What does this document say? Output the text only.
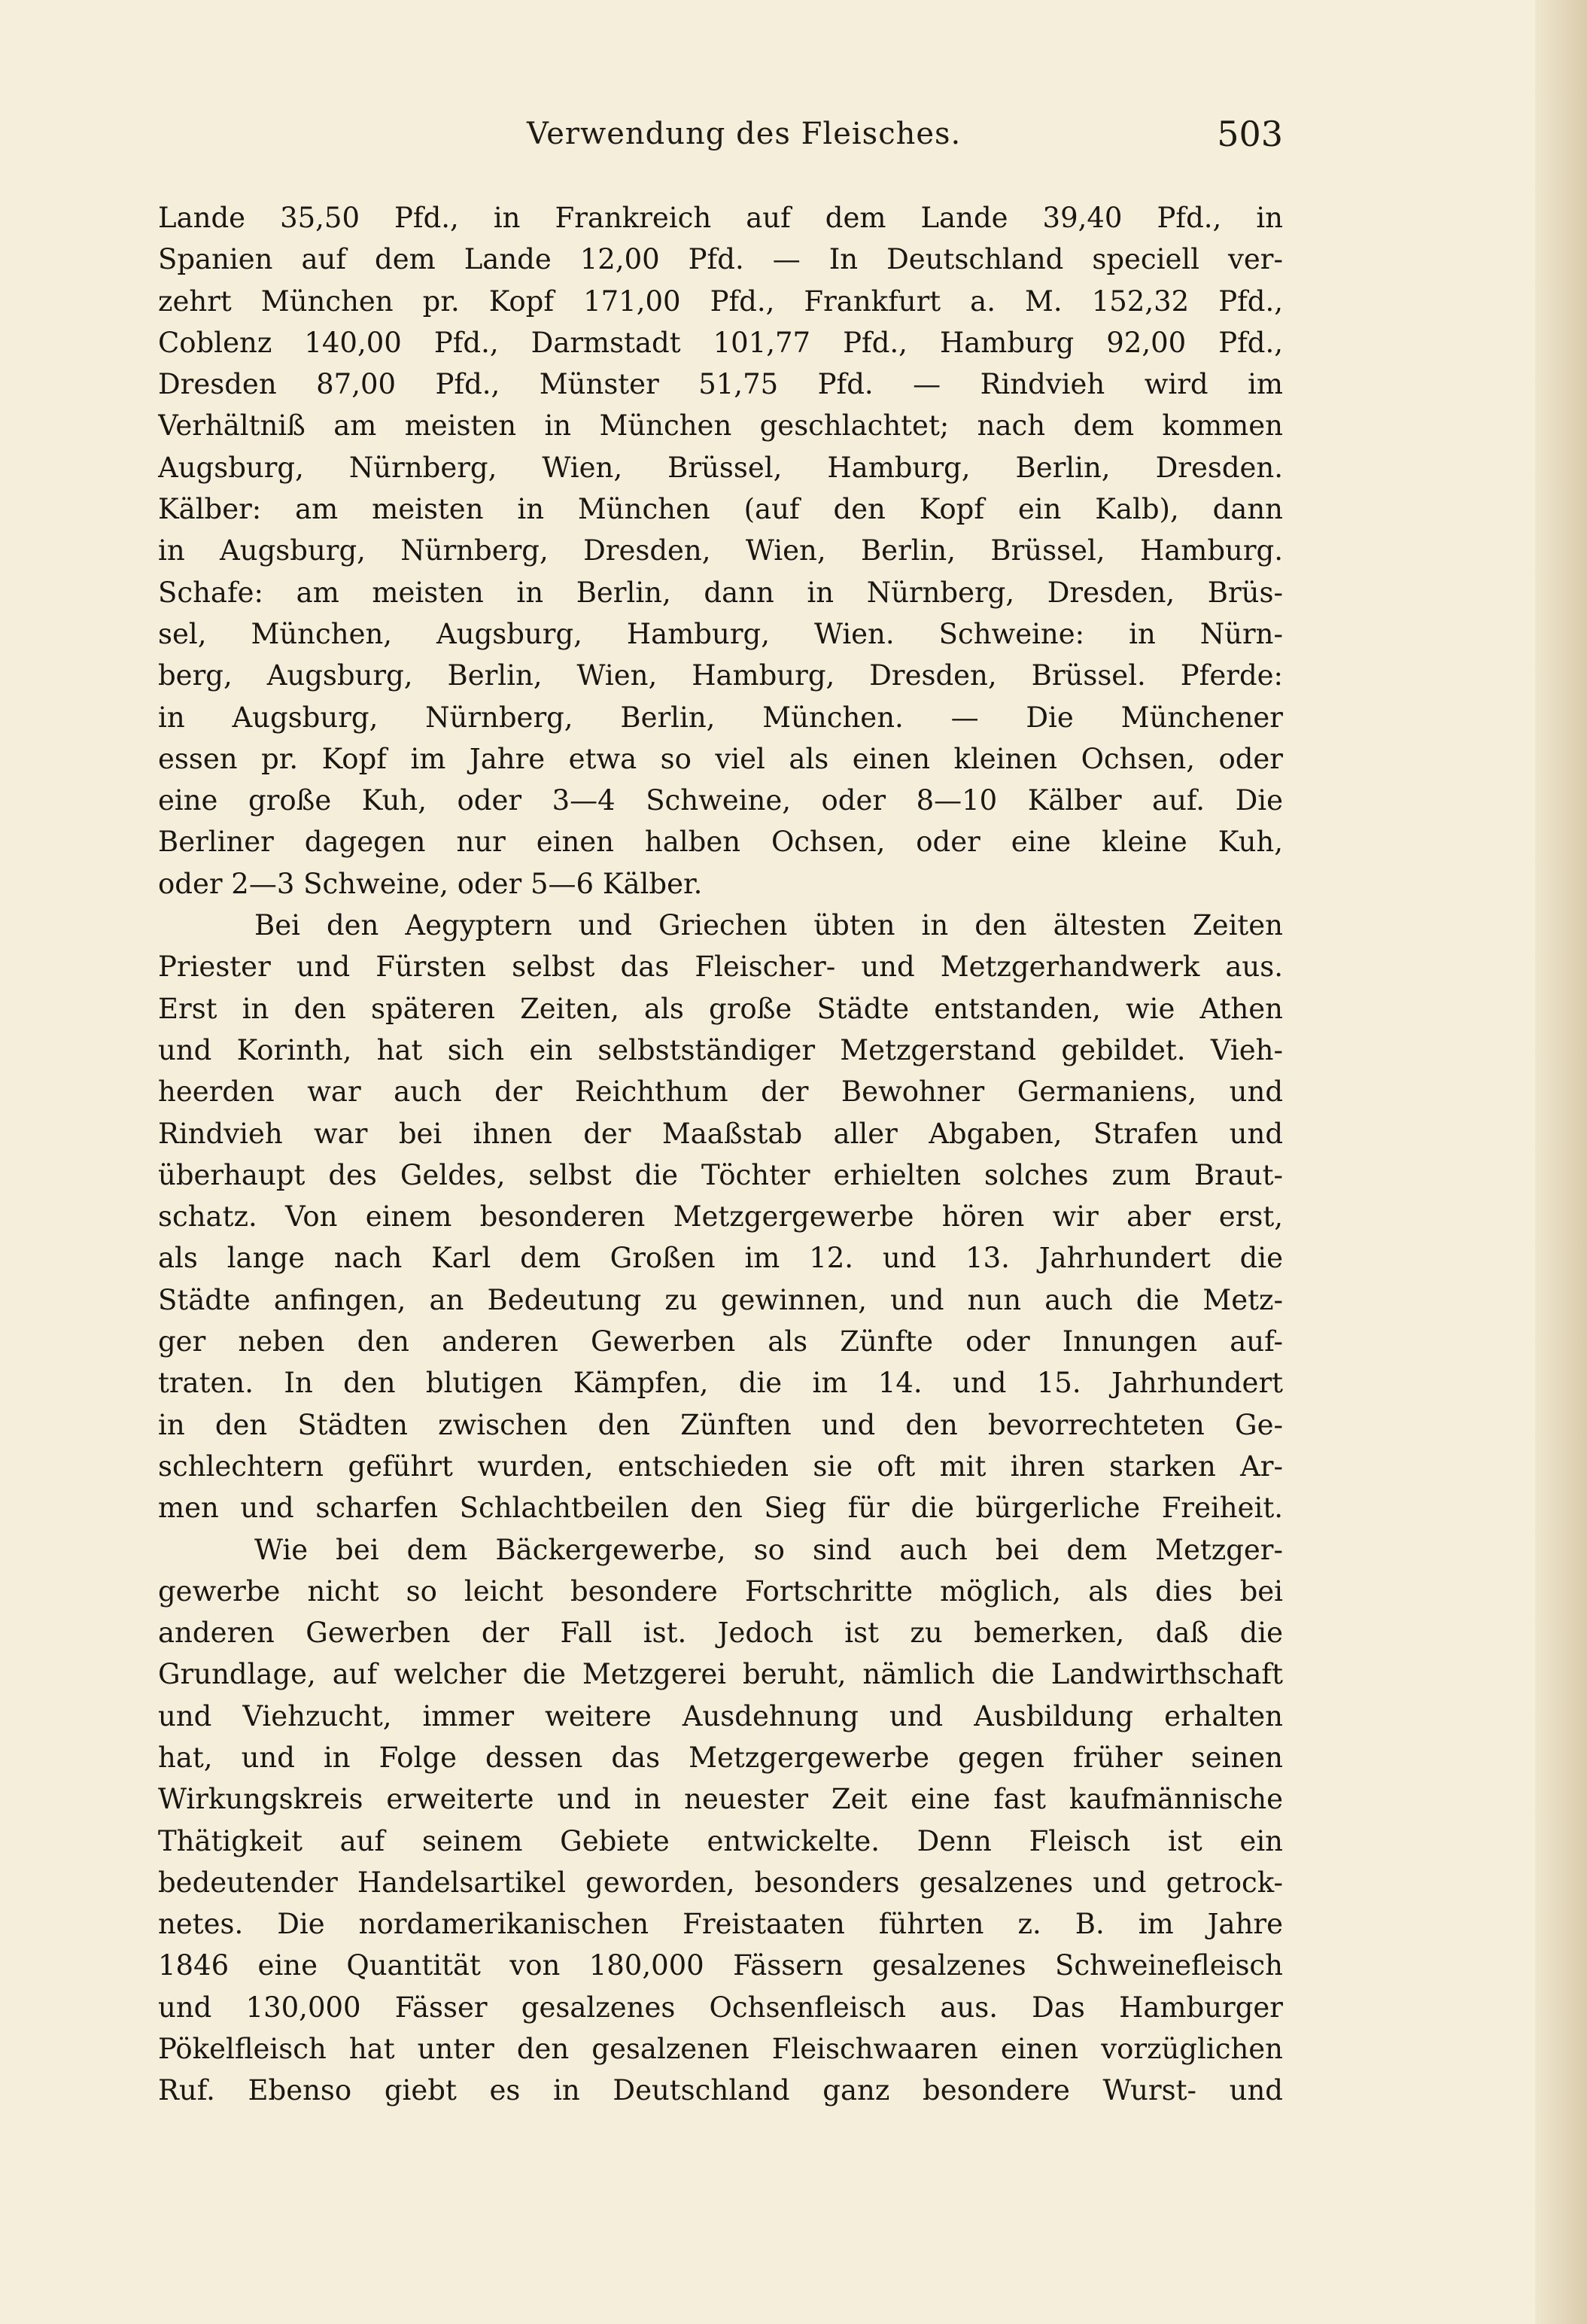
Verwendung des Fleisches.	503
Lande 35,50 Pfd., in Frankreich auf dem Lande 39,40 Pfd., in
Spanien auf dem Lande 12,00 Pfd. — In Deutschland speciell ver-
zehrt München pr. Kopf 171,00 Pfd., Frankfurt a. M. 152,32 Pfd.,
Coblenz 140,00 Pfd., Darmstadt 101,77 Pfd., Hamburg 92,00 Pfd.,
Dresden 87,00 Pfd., Münster 51,75 Pfd. — Rindvieh wird im
Verhältniß am meisten in München geschlachtet; nach dem kommen
Augsburg, Nürnberg, Wien, Brüssel, Hamburg, Berlin, Dresden.
Kälber: am meisten in München (auf den Kopf ein Kalb), dann
in Augsburg, Nürnberg, Dresden, Wien, Berlin, Brüssel, Hamburg.
Schafe: am meisten in Berlin, dann in Nürnberg, Dresden, Brüs-
sel, München, Augsburg, Hamburg, Wien. Schweine: in Nürn-
berg, Augsburg, Berlin, Wien, Hamburg, Dresden, Brüssel. Pferde:
in Augsburg, Nürnberg, Berlin, München. — Die Münchener
essen pr. Kopf im Jahre etwa so viel als einen kleinen Ochsen, oder
eine große Kuh, oder 3—4 Schweine, oder 8—10 Kälber auf. Die
Berliner dagegen nur einen halben Ochsen, oder eine kleine Kuh,
oder 2—3 Schweine, oder 5—6 Kälber.
Bei den Aegyptern und Griechen übten in den ältesten Zeiten
Priester und Fürsten selbst das Fleischer- und Metzgerhandwerk aus.
Erst in den späteren Zeiten, als große Städte entstanden, wie Athen
und Korinth, hat sich ein selbstständiger Metzgerstand gebildet. Vieh-
heerden war auch der Reichthum der Bewohner Germaniens, und
Rindvieh war bei ihnen der Maaßstab aller Abgaben, Strafen und
überhaupt des Geldes, selbst die Töchter erhielten solches zum Braut-
schatz. Von einem besonderen Metzgergewerbe hören wir aber erst,
als lange nach Karl dem Großen im 12. und 13. Jahrhundert die
Städte anfingen, an Bedeutung zu gewinnen, und nun auch die Metz-
ger neben den anderen Gewerben als Zünfte oder Innungen auf-
traten. In den blutigen Kämpfen, die im 14. und 15. Jahrhundert
in den Städten zwischen den Zünften und den bevorrechteten Ge-
schlechtern geführt wurden, entschieden sie oft mit ihren starken Ar-
men und scharfen Schlachtbeilen den Sieg für die bürgerliche Freiheit.
Wie bei dem Bäckergewerbe, so sind auch bei dem Metzger-
gewerbe nicht so leicht besondere Fortschritte möglich, als dies bei
anderen Gewerben der Fall ist. Jedoch ist zu bemerken, daß die
Grundlage, auf welcher die Metzgerei beruht, nämlich die Landwirthschaft
und Viehzucht, immer weitere Ausdehnung und Ausbildung erhalten
hat, und in Folge dessen das Metzgergewerbe gegen früher seinen
Wirkungskreis erweiterte und in neuester Zeit eine fast kaufmännische
Thätigkeit auf seinem Gebiete entwickelte. Denn Fleisch ist ein
bedeutender Handelsartikel geworden, besonders gesalzenes und getrock-
netes. Die nordamerikanischen Freistaaten führten z. B. im Jahre
1846 eine Quantität von 180,000 Fässern gesalzenes Schweinefleisch
und 130,000 Fässer gesalzenes Ochsenfleisch aus. Das Hamburger
Pökelfleisch hat unter den gesalzenen Fleischwaaren einen vorzüglichen
Ruf. Ebenso giebt es in Deutschland ganz besondere Wurst- und
